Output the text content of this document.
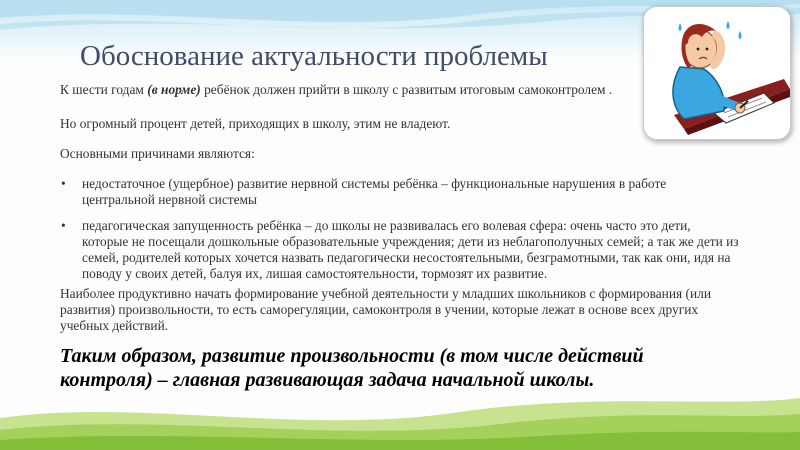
Обоснование актуальности проблемы

К шести годам (в норме) ребёнок должен прийти в школу с развитым итоговым самоконтролем .

Но огромный процент детей, приходящих в школу, этим не владеют.

Основными причинами являются:

• недостаточное (ущербное) развитие нервной системы ребёнка – функциональные нарушения в работе центральной нервной системы
• педагогическая запущенность ребёнка – до школы не развивалась его волевая сфера: очень часто это дети, которые не посещали дошкольные образовательные учреждения; дети из неблагополучных семей; а так же дети из семей, родителей которых хочется назвать педагогически несостоятельными, безграмотными, так как они, идя на поводу у своих детей, балуя их, лишая самостоятельности, тормозят их развитие.

Наиболее продуктивно начать формирование учебной деятельности у младших школьников с формирования (или развития) произвольности, то есть саморегуляции, самоконтроля в учении, которые лежат в основе всех других учебных действий.

Таким образом, развитие произвольности (в том числе действий контроля) – главная развивающая задача начальной школы.
